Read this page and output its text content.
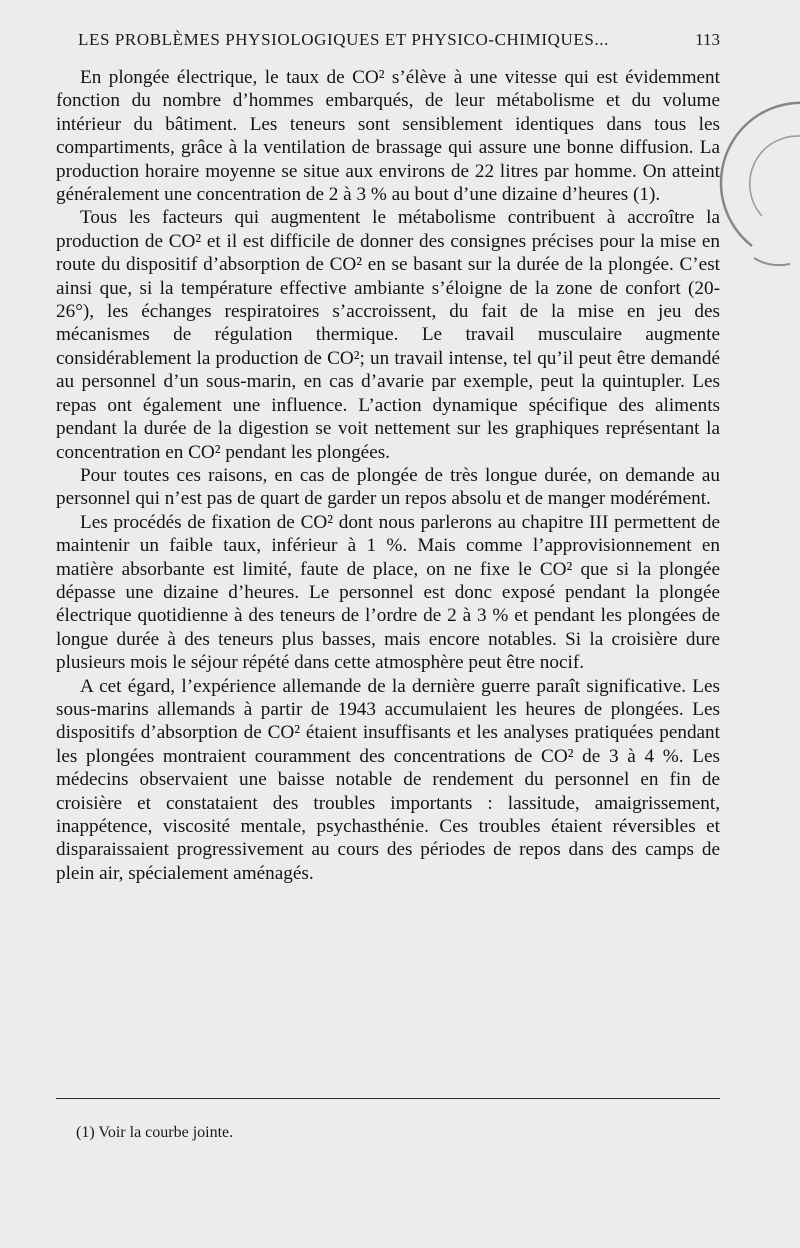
LES PROBLÈMES PHYSIOLOGIQUES ET PHYSICO-CHIMIQUES...	113

En plongée électrique, le taux de CO² s’élève à une vitesse qui est évidemment fonction du nombre d’hommes embarqués, de leur métabolisme et du volume intérieur du bâtiment. Les teneurs sont sensiblement identiques dans tous les compartiments, grâce à la ventilation de brassage qui assure une bonne diffusion. La production horaire moyenne se situe aux environs de 22 litres par homme. On atteint généralement une concentration de 2 à 3 % au bout d’une dizaine d’heures (1).

Tous les facteurs qui augmentent le métabolisme contribuent à accroître la production de CO² et il est difficile de donner des consignes précises pour la mise en route du dispositif d’absorption de CO² en se basant sur la durée de la plongée. C’est ainsi que, si la température effective ambiante s’éloigne de la zone de confort (20-26°), les échanges respiratoires s’accroissent, du fait de la mise en jeu des mécanismes de régulation thermique. Le travail musculaire augmente considérablement la production de CO²; un travail intense, tel qu’il peut être demandé au personnel d’un sous-marin, en cas d’avarie par exemple, peut la quintupler. Les repas ont également une influence. L’action dynamique spécifique des aliments pendant la durée de la digestion se voit nettement sur les graphiques représentant la concentration en CO² pendant les plongées.

Pour toutes ces raisons, en cas de plongée de très longue durée, on demande au personnel qui n’est pas de quart de garder un repos absolu et de manger modérément.

Les procédés de fixation de CO² dont nous parlerons au chapitre III permettent de maintenir un faible taux, inférieur à 1 %. Mais comme l’approvisionnement en matière absorbante est limité, faute de place, on ne fixe le CO² que si la plongée dépasse une dizaine d’heures. Le personnel est donc exposé pendant la plongée électrique quotidienne à des teneurs de l’ordre de 2 à 3 % et pendant les plongées de longue durée à des teneurs plus basses, mais encore notables. Si la croisière dure plusieurs mois le séjour répété dans cette atmosphère peut être nocif.

A cet égard, l’expérience allemande de la dernière guerre paraît significative. Les sous-marins allemands à partir de 1943 accumulaient les heures de plongées. Les dispositifs d’absorption de CO² étaient insuffisants et les analyses pratiquées pendant les plongées montraient couramment des concentrations de CO² de 3 à 4 %. Les médecins observaient une baisse notable de rendement du personnel en fin de croisière et constataient des troubles importants : lassitude, amaigrissement, inappétence, viscosité mentale, psychasthénie. Ces troubles étaient réversibles et disparaissaient progressivement au cours des périodes de repos dans des camps de plein air, spécialement aménagés.

(1) Voir la courbe jointe.
